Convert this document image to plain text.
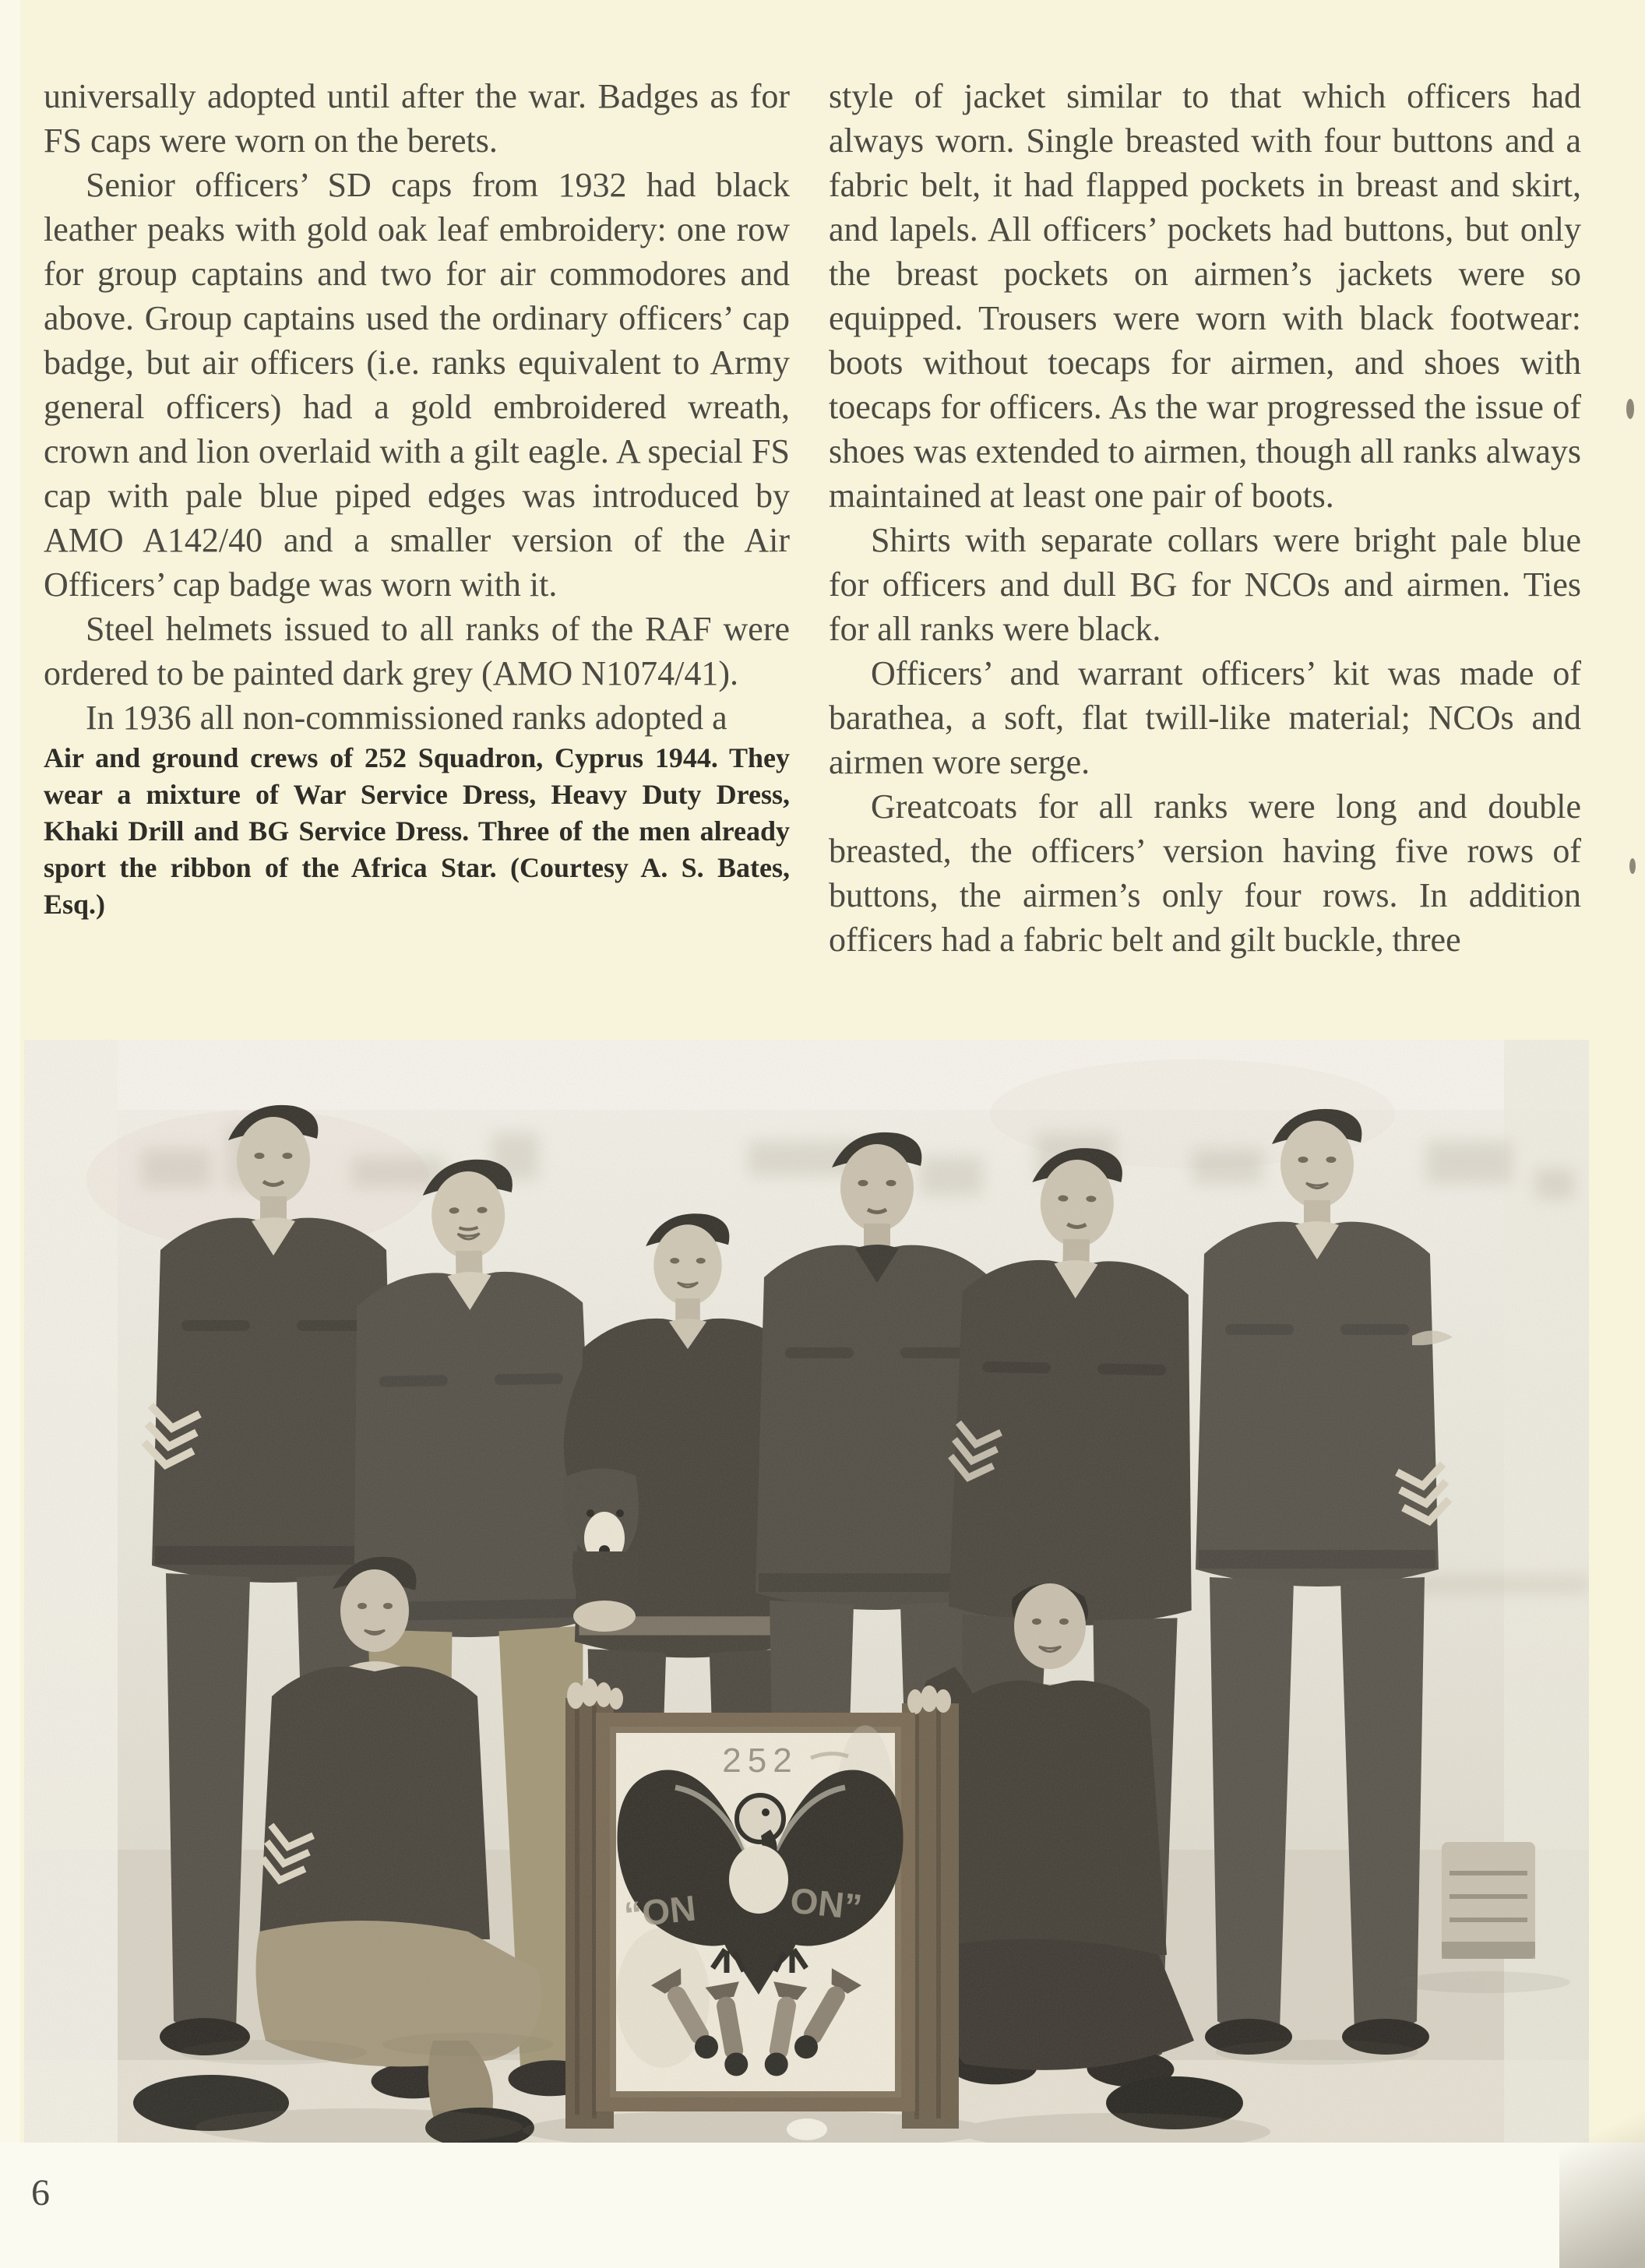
universally adopted until after the war. Badges as for FS caps were worn on the berets.

Senior officers’ SD caps from 1932 had black leather peaks with gold oak leaf embroidery: one row for group captains and two for air commodores and above. Group captains used the ordinary officers’ cap badge, but air officers (i.e. ranks equivalent to Army general officers) had a gold embroidered wreath, crown and lion overlaid with a gilt eagle. A special FS cap with pale blue piped edges was introduced by AMO A142/40 and a smaller version of the Air Officers’ cap badge was worn with it.

Steel helmets issued to all ranks of the RAF were ordered to be painted dark grey (AMO N1074/41).

In 1936 all non-commissioned ranks adopted a

Air and ground crews of 252 Squadron, Cyprus 1944. They wear a mixture of War Service Dress, Heavy Duty Dress, Khaki Drill and BG Service Dress. Three of the men already sport the ribbon of the Africa Star. (Courtesy A. S. Bates, Esq.)

style of jacket similar to that which officers had always worn. Single breasted with four buttons and a fabric belt, it had flapped pockets in breast and skirt, and lapels. All officers’ pockets had buttons, but only the breast pockets on airmen’s jackets were so equipped. Trousers were worn with black footwear: boots without toecaps for airmen, and shoes with toecaps for officers. As the war progressed the issue of shoes was extended to airmen, though all ranks always maintained at least one pair of boots.

Shirts with separate collars were bright pale blue for officers and dull BG for NCOs and airmen. Ties for all ranks were black.

Officers’ and warrant officers’ kit was made of barathea, a soft, flat twill-like material; NCOs and airmen wore serge.

Greatcoats for all ranks were long and double breasted, the officers’ version having five rows of buttons, the airmen’s only four rows. In addition officers had a fabric belt and gilt buckle, three

6
